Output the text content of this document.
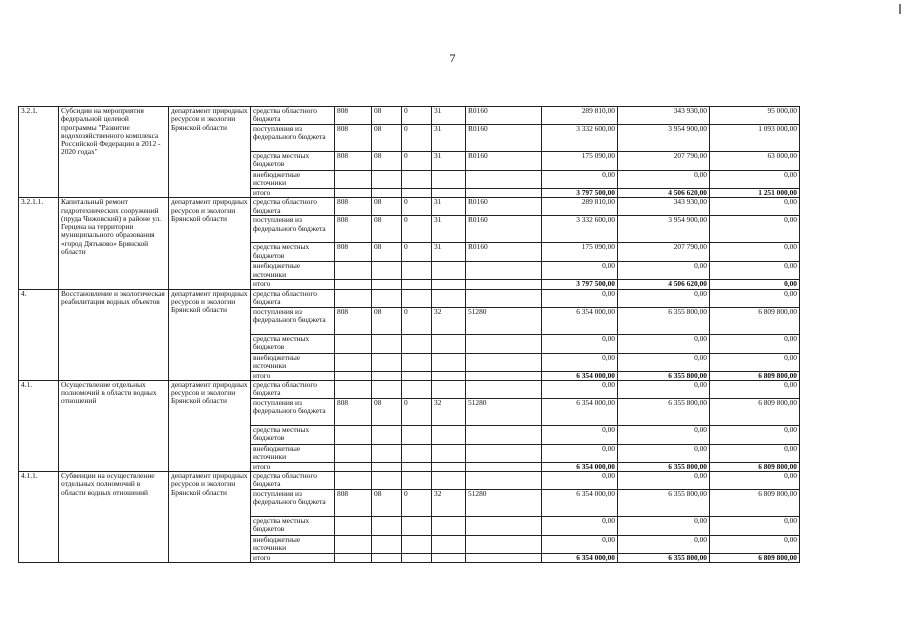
7
3.2.1.	Субсидии на мероприятия федеральной целевой программы "Развитие водохозяйственного комплекса Российской Федерации в 2012 - 2020 годах"	департамент природных ресурсов и экологии Брянской области	средства областного бюджета	808	08	0	31	R0160	289 810,00	343 930,00	95 000,00	
			поступления из федерального бюджета	808	08	0	31	R0160	3 332 600,00	3 954 900,00	1 093 000,00	
			средства местных бюджетов	808	08	0	31	R0160	175 090,00	207 790,00	63 000,00	
			внебюджетные источники						0,00	0,00	0,00	
			итого						3 797 500,00	4 506 620,00	1 251 000,00	
3.2.1.1.	Капитальный ремонт гидротехнических сооружений (пруда Чижовский) в районе ул. Герцена на территории муниципального образования «город Дятьково» Брянской области	департамент природных ресурсов и экологии Брянской области	средства областного бюджета	808	08	0	31	R0160	289 810,00	343 930,00	0,00	
			поступления из федерального бюджета	808	08	0	31	R0160	3 332 600,00	3 954 900,00	0,00	
			средства местных бюджетов	808	08	0	31	R0160	175 090,00	207 790,00	0,00	
			внебюджетные источники						0,00	0,00	0,00	
			итого						3 797 500,00	4 506 620,00	0,00	
4.	Восстановление и экологическая реабилитация водных объектов	департамент природных ресурсов и экологии Брянской области	средства областного бюджета						0,00	0,00	0,00	
			поступления из федерального бюджета	808	08	0	32	51280	6 354 000,00	6 355 800,00	6 809 800,00	
			средства местных бюджетов						0,00	0,00	0,00	
			внебюджетные источники						0,00	0,00	0,00	
			итого						6 354 000,00	6 355 800,00	6 809 800,00	
4.1.	Осуществление отдельных полномочий в области водных отношений	департамент природных ресурсов и экологии Брянской области	средства областного бюджета						0,00	0,00	0,00	
			поступления из федерального бюджета	808	08	0	32	51280	6 354 000,00	6 355 800,00	6 809 800,00	
			средства местных бюджетов						0,00	0,00	0,00	
			внебюджетные источники						0,00	0,00	0,00	
			итого						6 354 000,00	6 355 800,00	6 809 800,00	
4.1.1.	Субвенции на осуществление отдельных полномочий в области водных отношений	департамент природных ресурсов и экологии Брянской области	средства областного бюджета						0,00	0,00	0,00	
			поступления из федерального бюджета	808	08	0	32	51280	6 354 000,00	6 355 800,00	6 809 800,00	
			средства местных бюджетов						0,00	0,00	0,00	
			внебюджетные источники						0,00	0,00	0,00	
			итого						6 354 000,00	6 355 800,00	6 809 800,00	
